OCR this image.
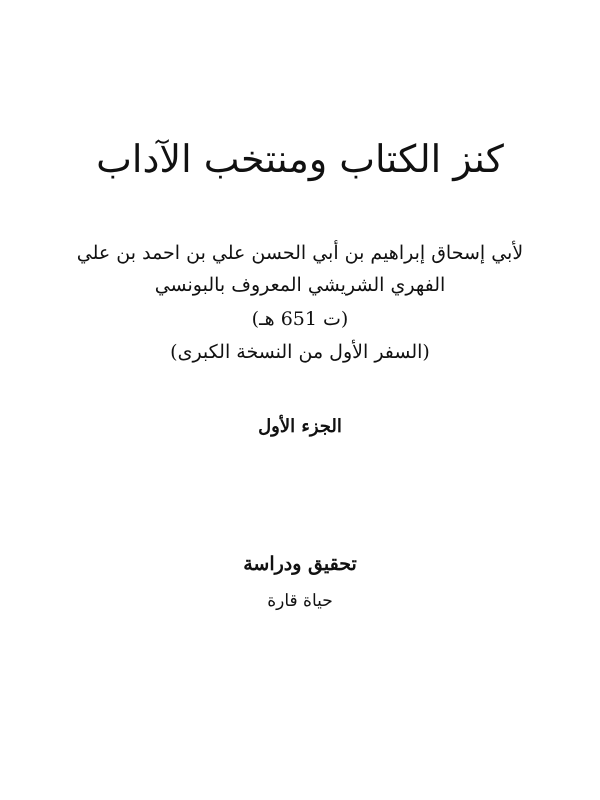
كنز الكتاب ومنتخب الآداب
لأبي إسحاق إبراهيم بن أبي الحسن علي بن احمد بن علي
الفهري الشريشي المعروف بالبونسي
(ت 651 هـ)
(السفر الأول من النسخة الكبرى)
الجزء الأول
تحقيق ودراسة
حياة قارة
